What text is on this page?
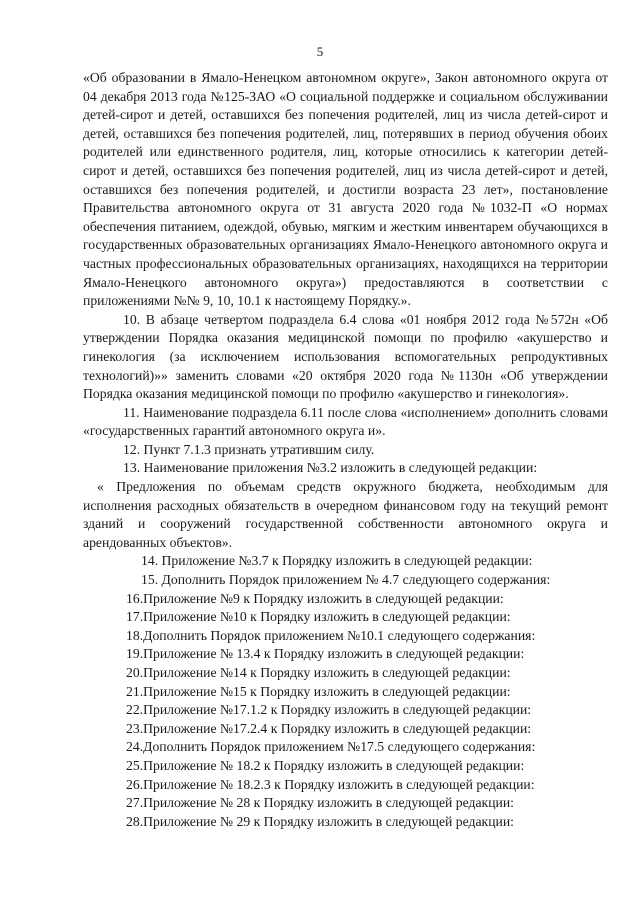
5

«Об образовании в Ямало-Ненецком автономном округе», Закон автономного округа от 04 декабря 2013 года №125-ЗАО «О социальной поддержке и социальном обслуживании детей-сирот и детей, оставшихся без попечения родителей, лиц из числа детей-сирот и детей, оставшихся без попечения родителей, лиц, потерявших в период обучения обоих родителей или единственного родителя, лиц, которые относились к категории детей-сирот и детей, оставшихся без попечения родителей, лиц из числа детей-сирот и детей, оставшихся без попечения родителей, и достигли возраста 23 лет», постановление Правительства автономного округа от 31 августа 2020 года №1032-П «О нормах обеспечения питанием, одеждой, обувью, мягким и жестким инвентарем обучающихся в государственных образовательных организациях Ямало-Ненецкого автономного округа и частных профессиональных образовательных организациях, находящихся на территории Ямало-Ненецкого автономного округа») предоставляются в соответствии с приложениями №№ 9, 10, 10.1 к настоящему Порядку.».

10. В абзаце четвертом подраздела 6.4 слова «01 ноября 2012 года №572н «Об утверждении Порядка оказания медицинской помощи по профилю «акушерство и гинекология (за исключением использования вспомогательных репродуктивных технологий)»» заменить словами «20 октября 2020 года №1130н «Об утверждении Порядка оказания медицинской помощи по профилю «акушерство и гинекология».

11. Наименование подраздела 6.11 после слова «исполнением» дополнить словами «государственных гарантий автономного округа и».

12. Пункт 7.1.3 признать утратившим силу.

13. Наименование приложения №3.2 изложить в следующей редакции:

« Предложения по объемам средств окружного бюджета, необходимым для исполнения расходных обязательств в очередном финансовом году на текущий ремонт зданий и сооружений государственной собственности автономного округа и арендованных объектов».

14. Приложение №3.7 к Порядку изложить в следующей редакции:

15. Дополнить Порядок приложением № 4.7 следующего содержания:

16.Приложение №9 к Порядку изложить в следующей редакции:

17.Приложение №10 к Порядку изложить в следующей редакции:

18.Дополнить Порядок приложением №10.1 следующего содержания:

19.Приложение № 13.4 к Порядку изложить в следующей редакции:

20.Приложение №14 к Порядку изложить в следующей редакции:

21.Приложение №15 к Порядку изложить в следующей редакции:

22.Приложение №17.1.2 к Порядку изложить в следующей редакции:

23.Приложение №17.2.4 к Порядку изложить в следующей редакции:

24.Дополнить Порядок приложением №17.5 следующего содержания:

25.Приложение № 18.2 к Порядку изложить в следующей редакции:

26.Приложение № 18.2.3 к Порядку изложить в следующей редакции:

27.Приложение № 28 к Порядку изложить в следующей редакции:

28.Приложение № 29 к Порядку изложить в следующей редакции:
